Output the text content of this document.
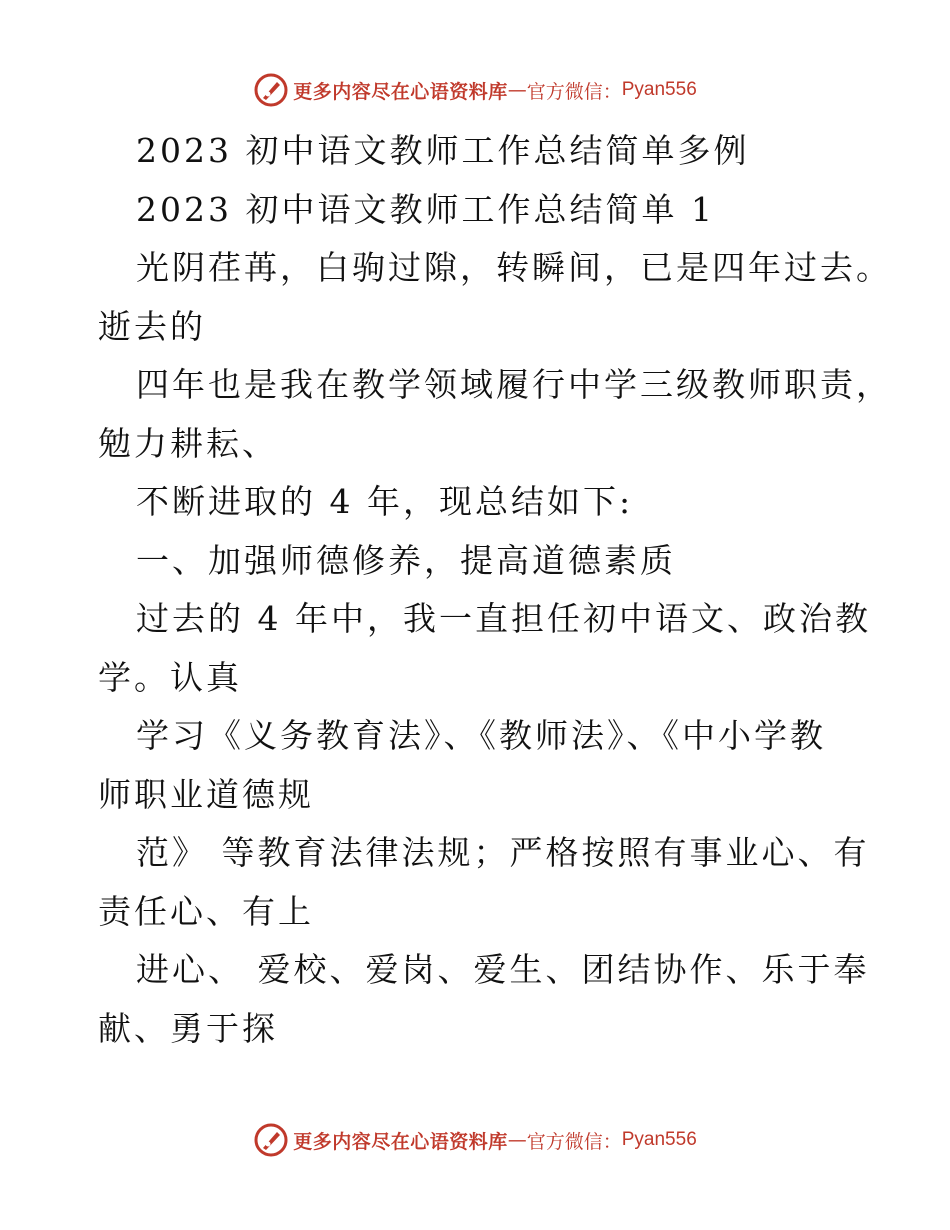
更多内容尽在心语资料库 — 官方微信： Pyan556
2023 初中语文教师工作总结简单多例
2023 初中语文教师工作总结简单 1
光阴荏苒，白驹过隙，转瞬间，已是四年过去。
逝去的
四年也是我在教学领域履行中学三级教师职责，
勉力耕耘、
不断进取的 4 年，现总结如下:
一、加强师德修养，提高道德素质
过去的 4 年中，我一直担任初中语文、政治教
学。认真
学习《义务教育法》、《教师法》、《中小学教
师职业道德规
范》 等教育法律法规；严格按照有事业心、有
责任心、有上
进心、 爱校、爱岗、爱生、团结协作、乐于奉
献、勇于探
更多内容尽在心语资料库 — 官方微信： Pyan556
